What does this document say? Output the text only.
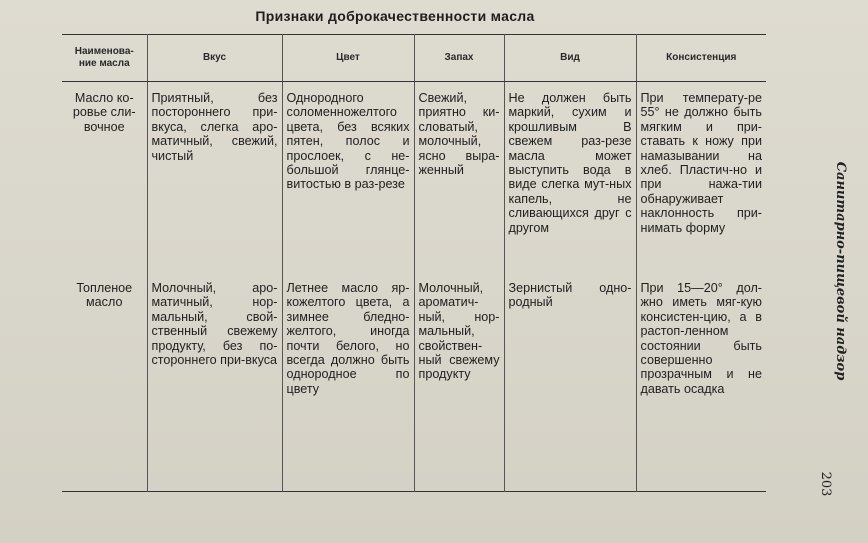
Признаки доброкачественности масла
Наименова-ние масла	Вкус	Цвет	Запах	Вид	Консистенция
Масло ко-ровье сли-вочное	Приятный, без постороннего при-вкуса, слегка аро-матичный, свежий, чистый	Однородного соломенножелтого цвета, без всяких пятен, полос и прослоек, с не-большой глянце-витостью в раз-резе	Свежий, приятно ки-словатый, молочный, ясно выра-женный	Не должен быть маркий, сухим и крошливым В свежем раз-резе масла может выступить вода в виде слегка мут-ных капель, не сливающихся друг с другом	При температу-ре 55° не должно быть мягким и при-ставать к ножу при намазывании на хлеб. Пластич-но и при нажа-тии обнаруживает наклонность при-нимать форму
Топленое масло	Молочный, аро-матичный, нор-мальный, свой-ственный свежему продукту, без по-стороннего при-вкуса	Летнее масло яр-кожелтого цвета, а зимнее бледно-желтого, иногда почти белого, но всегда должно быть однородное по цвету	Молочный, ароматич-ный, нор-мальный, свойствен-ный свежему продукту	Зернистый одно-родный	При 15—20° дол-жно иметь мяг-кую консистен-цию, а в растоп-ленном состоянии быть совершенно прозрачным и не давать осадка
Санитарно-пищевой надзор
203
